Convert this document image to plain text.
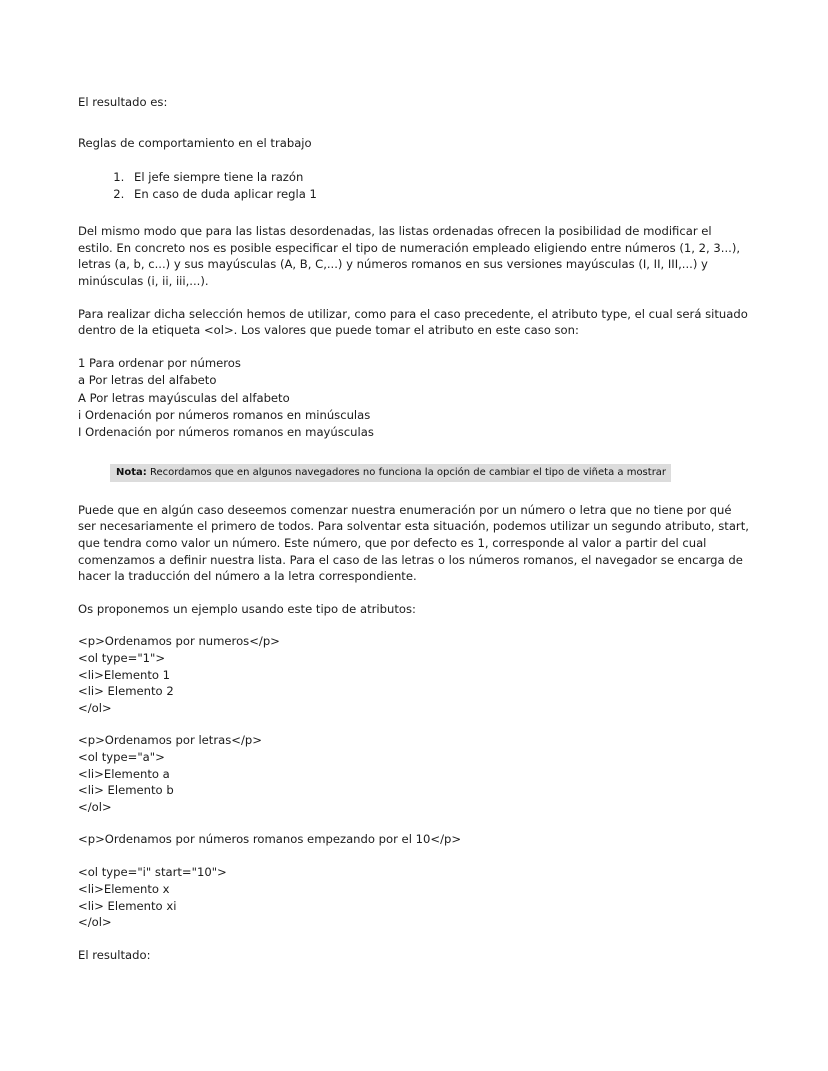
El resultado es:

Reglas de comportamiento en el trabajo

1. El jefe siempre tiene la razón
2. En caso de duda aplicar regla 1

Del mismo modo que para las listas desordenadas, las listas ordenadas ofrecen la posibilidad de modificar el estilo. En concreto nos es posible especificar el tipo de numeración empleado eligiendo entre números (1, 2, 3...), letras (a, b, c...) y sus mayúsculas (A, B, C,...) y números romanos en sus versiones mayúsculas (I, II, III,...) y minúsculas (i, ii, iii,...).

Para realizar dicha selección hemos de utilizar, como para el caso precedente, el atributo type, el cual será situado dentro de la etiqueta <ol>. Los valores que puede tomar el atributo en este caso son:

1 Para ordenar por números
a Por letras del alfabeto
A Por letras mayúsculas del alfabeto
i Ordenación por números romanos en minúsculas
I Ordenación por números romanos en mayúsculas
Nota: Recordamos que en algunos navegadores no funciona la opción de cambiar el tipo de viñeta a mostrar

Puede que en algún caso deseemos comenzar nuestra enumeración por un número o letra que no tiene por qué ser necesariamente el primero de todos. Para solventar esta situación, podemos utilizar un segundo atributo, start, que tendra como valor un número. Este número, que por defecto es 1, corresponde al valor a partir del cual comenzamos a definir nuestra lista. Para el caso de las letras o los números romanos, el navegador se encarga de hacer la traducción del número a la letra correspondiente.

Os proponemos un ejemplo usando este tipo de atributos:

<p>Ordenamos por numeros</p>
<ol type="1">
<li>Elemento 1
<li> Elemento 2
</ol>
<p>Ordenamos por letras</p>
<ol type="a">
<li>Elemento a
<li> Elemento b
</ol>
<p>Ordenamos por números romanos empezando por el 10</p>
<ol type="i" start="10">
<li>Elemento x
<li> Elemento xi
</ol>

El resultado:
